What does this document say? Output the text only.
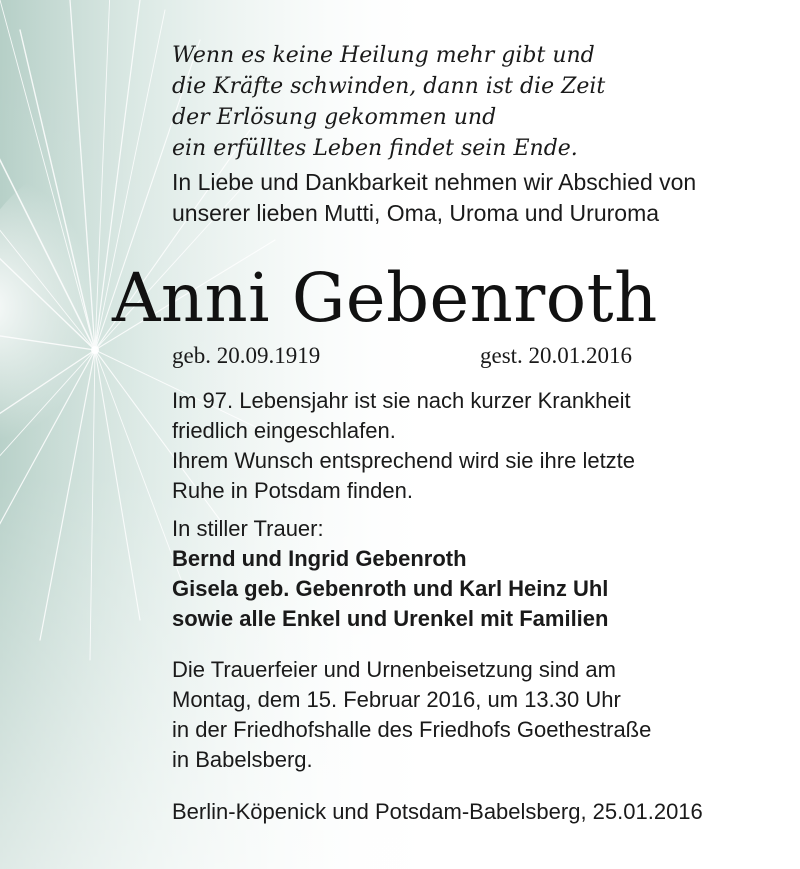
Wenn es keine Heilung mehr gibt und
die Kräfte schwinden, dann ist die Zeit
der Erlösung gekommen und
ein erfülltes Leben findet sein Ende.
In Liebe und Dankbarkeit nehmen wir Abschied von
unserer lieben Mutti, Oma, Uroma und Ururoma
Anni Gebenroth
geb. 20.09.1919	gest. 20.01.2016
Im 97. Lebensjahr ist sie nach kurzer Krankheit
friedlich eingeschlafen.
Ihrem Wunsch entsprechend wird sie ihre letzte
Ruhe in Potsdam finden.
In stiller Trauer:
Bernd und Ingrid Gebenroth
Gisela geb. Gebenroth und Karl Heinz Uhl
sowie alle Enkel und Urenkel mit Familien
Die Trauerfeier und Urnenbeisetzung sind am
Montag, dem 15. Februar 2016, um 13.30 Uhr
in der Friedhofshalle des Friedhofs Goethestraße
in Babelsberg.
Berlin-Köpenick und Potsdam-Babelsberg, 25.01.2016
